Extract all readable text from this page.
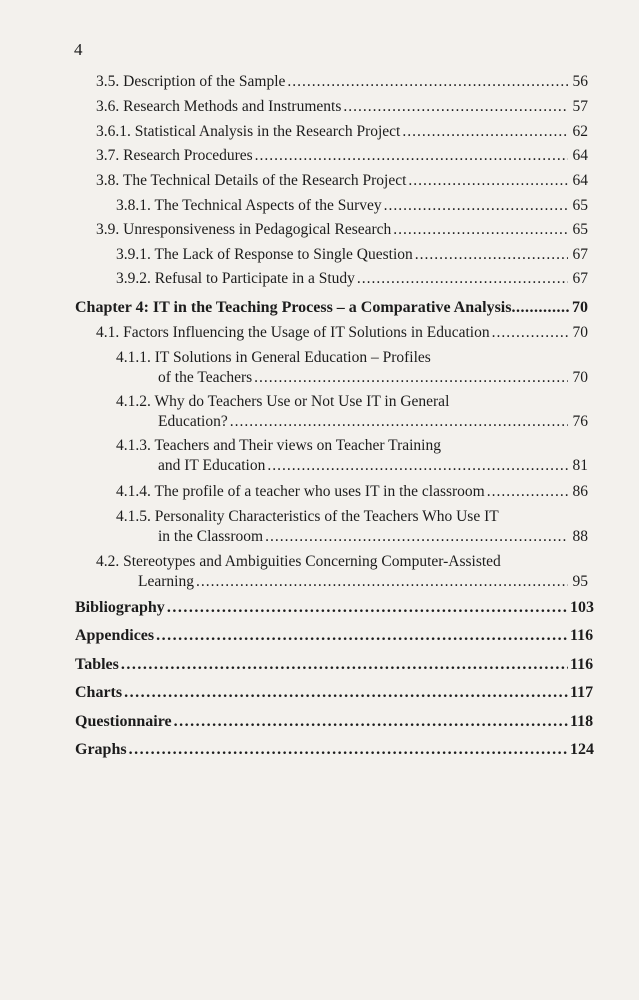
4
3.5. Description of the Sample .....	56
3.6. Research Methods and Instruments .....	57
3.6.1. Statistical Analysis in the Research Project .....	62
3.7. Research Procedures .....	64
3.8. The Technical Details of the Research Project .....	64
3.8.1. The Technical Aspects of the Survey .....	65
3.9. Unresponsiveness in Pedagogical Research .....	65
3.9.1. The Lack of Response to Single Question .....	67
3.9.2. Refusal to Participate in a Study .....	67
Chapter 4: IT in the Teaching Process – a Comparative Analysis .....	70
4.1. Factors Influencing the Usage of IT Solutions in Education .....	70
4.1.1. IT Solutions in General Education – Profiles
of the Teachers .....	70
4.1.2. Why do Teachers Use or Not Use IT in General
Education? .....	76
4.1.3. Teachers and Their views on Teacher Training
and IT Education .....	81
4.1.4. The profile of a teacher who uses IT in the classroom .....	86
4.1.5. Personality Characteristics of the Teachers Who Use IT
in the Classroom .....	88
4.2. Stereotypes and Ambiguities Concerning Computer-Assisted
Learning .....	95
Bibliography .....	103
Appendices .....	116
Tables .....	116
Charts .....	117
Questionnaire .....	118
Graphs .....	124
